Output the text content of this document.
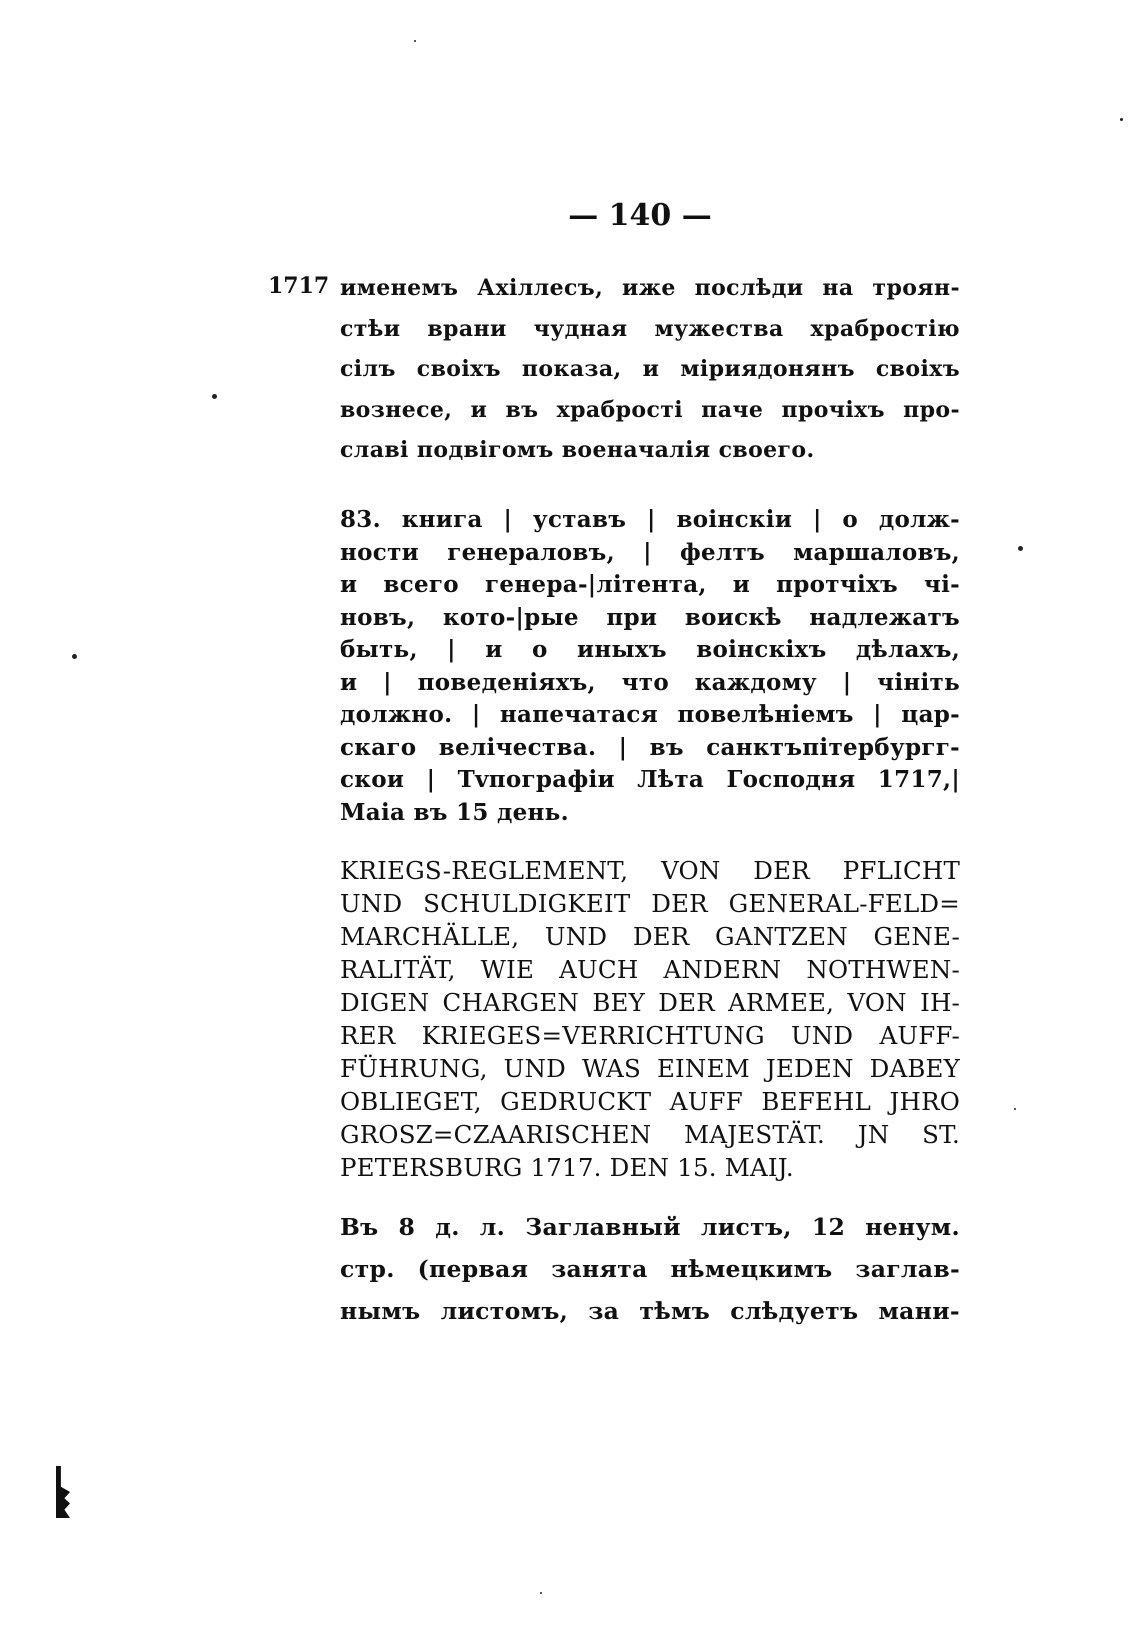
— 140 —
1717 именемъ Ахіллесъ, иже послѣди на троян-
стѣи врани чудная мужества храбростію
сілъ своіхъ показа, и міриядонянъ своіхъ
вознесе, и въ храбрості паче прочіхъ про-
славі подвігомъ военачалія своего.
83. книга | уставъ | воінскіи | о долж-
ности генераловъ, | фелтъ маршаловъ,
и всего генера-|літента, и протчіхъ чі-
новъ, кото-|рые при воискѣ надлежатъ
быть, | и о иныхъ воінскіхъ дѣлахъ,
и | поведеніяхъ, что каждому | чініть
должно. | напечатася повелѣніемъ | цар-
скаго велічества. | въ санктъпітербургг-
скои | Тvпографіи Лѣта Господня 1717,|
Маіа въ 15 день.
KRIEGS-REGLEMENT, VON DER PFLICHT
UND SCHULDIGKEIT DER GENERAL-FELD=
MARCHÄLLE, UND DER GANTZEN GENE-
RALITÄT, WIE AUCH ANDERN NOTHWEN-
DIGEN CHARGEN BEY DER ARMEE, VON IH-
RER KRIEGES=VERRICHTUNG UND AUFF-
FÜHRUNG, UND WAS EINEM JEDEN DABEY
OBLIEGET, GEDRUCKT AUFF BEFEHL JHRO
GROSZ=CZAARISCHEN MAJESTÄT. JN ST.
PETERSBURG 1717. DEN 15. MAIJ.
Въ 8 д. л. Заглавный листъ, 12 ненум.
стр. (первая занята нѣмецкимъ заглав-
нымъ листомъ, за тѣмъ слѣдуетъ мани-
